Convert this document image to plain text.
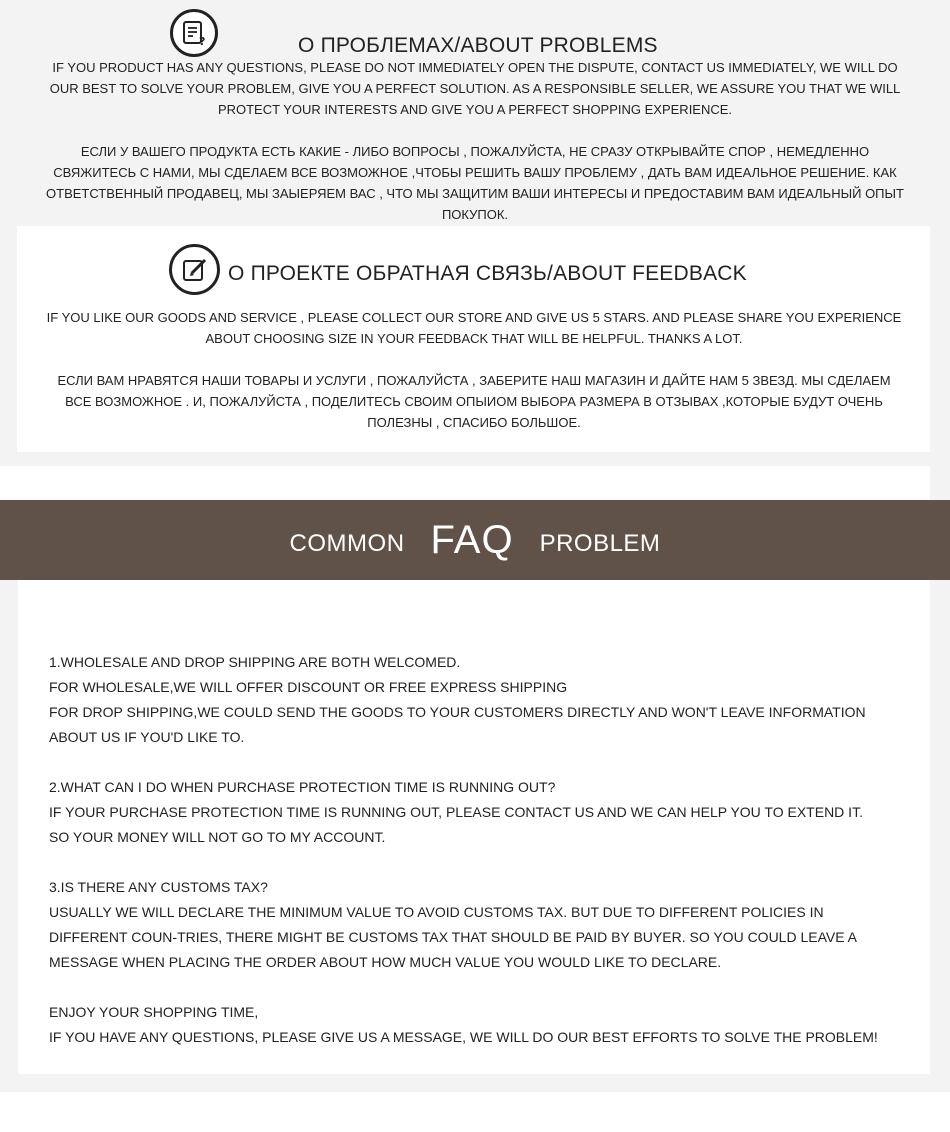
?	О ПРОБЛЕМАХ/ABOUT PROBLEMS
IF YOU PRODUCT HAS ANY QUESTIONS, PLEASE DO NOT IMMEDIATELY OPEN THE DISPUTE, CONTACT US IMMEDIATELY, WE WILL DO OUR BEST TO SOLVE YOUR PROBLEM, GIVE YOU A PERFECT SOLUTION. AS A RESPONSIBLE SELLER, WE ASSURE YOU THAT WE WILL PROTECT YOUR INTERESTS AND GIVE YOU A PERFECT SHOPPING EXPERIENCE.
ЕСЛИ У ВАШЕГО ПРОДУКТА ЕСТЬ КАКИЕ - ЛИБО ВОПРОСЫ , ПОЖАЛУЙСТА, НЕ СРАЗУ ОТКРЫВАЙТЕ СПОР , НЕМЕДЛЕННО СВЯЖИТЕСЬ С НАМИ, МЫ СДЕЛАЕМ ВСЕ ВОЗМОЖНОЕ ,ЧТОБЫ РЕШИТЬ ВАШУ ПРОБЛЕМУ , ДАТЬ ВАМ ИДЕАЛЬНОЕ РЕШЕНИЕ. КАК ОТВЕТСТВЕННЫЙ ПРОДАВЕЦ, МЫ ЗАЫЕРЯЕМ ВАС , ЧТО МЫ ЗАЩИТИМ ВАШИ ИНТЕРЕСЫ И ПРЕДОСТАВИМ ВАМ ИДЕАЛЬНЫЙ ОПЫТ ПОКУПОК.
О ПРОЕКТЕ ОБРАТНАЯ СВЯЗЬ/ABOUT FEEDBACK
IF YOU LIKE OUR GOODS AND SERVICE , PLEASE COLLECT OUR STORE AND GIVE US 5 STARS. AND PLEASE SHARE YOU EXPERIENCE ABOUT CHOOSING SIZE IN YOUR FEEDBACK THAT WILL BE HELPFUL. THANKS A LOT.
ЕСЛИ ВАМ НРАВЯТСЯ НАШИ ТОВАРЫ И УСЛУГИ , ПОЖАЛУЙСТА , ЗАБЕРИТЕ НАШ МАГАЗИН И ДАЙТЕ НАМ 5 ЗВЕЗД. МЫ СДЕЛАЕМ ВСЕ ВОЗМОЖНОЕ . И, ПОЖАЛУЙСТА , ПОДЕЛИТЕСЬ СВОИМ ОПЫИОМ ВЫБОРА РАЗМЕРА В ОТЗЫВАХ ,КОТОРЫЕ БУДУТ ОЧЕНЬ ПОЛЕЗНЫ , СПАСИБО БОЛЬШОЕ.
COMMON FAQ PROBLEM
1.WHOLESALE AND DROP SHIPPING ARE BOTH WELCOMED.
FOR WHOLESALE,WE WILL OFFER DISCOUNT OR FREE EXPRESS SHIPPING
FOR DROP SHIPPING,WE COULD SEND THE GOODS TO YOUR CUSTOMERS DIRECTLY AND WON'T LEAVE INFORMATION ABOUT US IF YOU'D LIKE TO.
2.WHAT CAN I DO WHEN PURCHASE PROTECTION TIME IS RUNNING OUT?
IF YOUR PURCHASE PROTECTION TIME IS RUNNING OUT, PLEASE CONTACT US AND WE CAN HELP YOU TO EXTEND IT. SO YOUR MONEY WILL NOT GO TO MY ACCOUNT.
3.IS THERE ANY CUSTOMS TAX?
USUALLY WE WILL DECLARE THE MINIMUM VALUE TO AVOID CUSTOMS TAX. BUT DUE TO DIFFERENT POLICIES IN DIFFERENT COUN-TRIES, THERE MIGHT BE CUSTOMS TAX THAT SHOULD BE PAID BY BUYER. SO YOU COULD LEAVE A MESSAGE WHEN PLACING THE ORDER ABOUT HOW MUCH VALUE YOU WOULD LIKE TO DECLARE.
ENJOY YOUR SHOPPING TIME,
IF YOU HAVE ANY QUESTIONS, PLEASE GIVE US A MESSAGE, WE WILL DO OUR BEST EFFORTS TO SOLVE THE PROBLEM!
